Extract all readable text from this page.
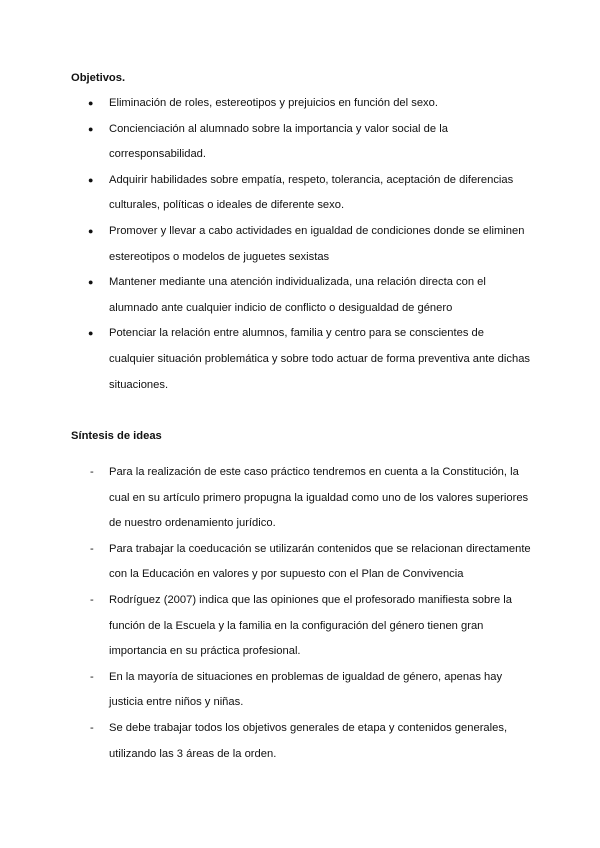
Objetivos.
● Eliminación de roles, estereotipos y prejuicios en función del sexo.
● Concienciación al alumnado sobre la importancia y valor social de la
corresponsabilidad.
● Adquirir habilidades sobre empatía, respeto, tolerancia, aceptación de diferencias
culturales, políticas o ideales de diferente sexo.
● Promover y llevar a cabo actividades en igualdad de condiciones donde se eliminen
estereotipos o modelos de juguetes sexistas
● Mantener mediante una atención individualizada, una relación directa con el
alumnado ante cualquier indicio de conflicto o desigualdad de género
● Potenciar la relación entre alumnos, familia y centro para se conscientes de
cualquier situación problemática y sobre todo actuar de forma preventiva ante dichas
situaciones.
Síntesis de ideas
- Para la realización de este caso práctico tendremos en cuenta a la Constitución, la
cual en su artículo primero propugna la igualdad como uno de los valores superiores
de nuestro ordenamiento jurídico.
- Para trabajar la coeducación se utilizarán contenidos que se relacionan directamente
con la Educación en valores y por supuesto con el Plan de Convivencia
- Rodríguez (2007) indica que las opiniones que el profesorado manifiesta sobre la
función de la Escuela y la familia en la configuración del género tienen gran
importancia en su práctica profesional.
- En la mayoría de situaciones en problemas de igualdad de género, apenas hay
justicia entre niños y niñas.
- Se debe trabajar todos los objetivos generales de etapa y contenidos generales,
utilizando las 3 áreas de la orden.
